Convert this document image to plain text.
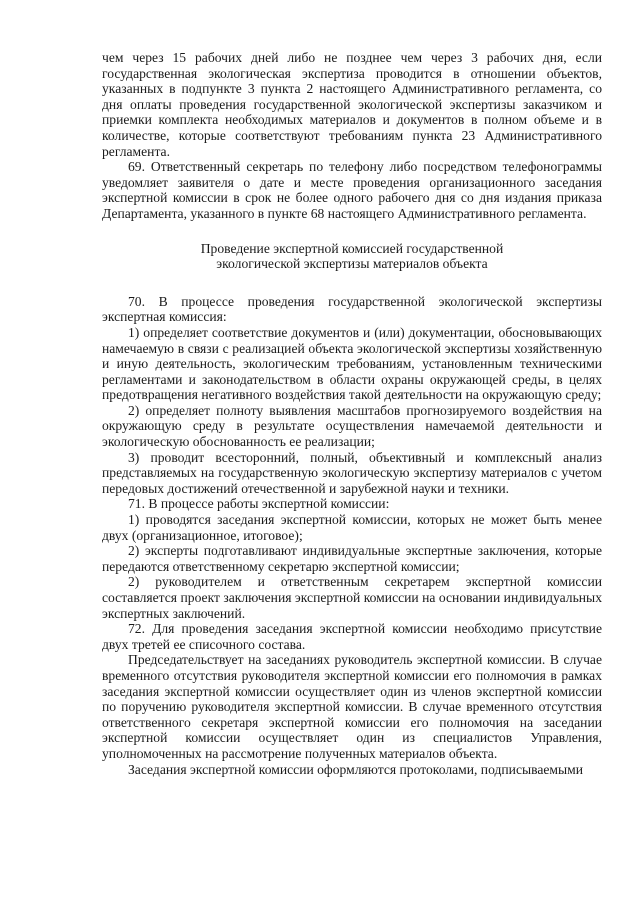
чем через 15 рабочих дней либо не позднее чем через 3 рабочих дня, если государственная экологическая экспертиза проводится в отношении объектов, указанных в подпункте 3 пункта 2 настоящего Административного регламента, со дня оплаты проведения государственной экологической экспертизы заказчиком и приемки комплекта необходимых материалов и документов в полном объеме и в количестве, которые соответствуют требованиям пункта 23 Административного регламента.

69. Ответственный секретарь по телефону либо посредством телефонограммы уведомляет заявителя о дате и месте проведения организационного заседания экспертной комиссии в срок не более одного рабочего дня со дня издания приказа Департамента, указанного в пункте 68 настоящего Административного регламента.

Проведение экспертной комиссией государственной

экологической экспертизы материалов объекта

70. В процессе проведения государственной экологической экспертизы экспертная комиссия:

1) определяет соответствие документов и (или) документации, обосновывающих намечаемую в связи с реализацией объекта экологической экспертизы хозяйственную и иную деятельность, экологическим требованиям, установленным техническими регламентами и законодательством в области охраны окружающей среды, в целях предотвращения негативного воздействия такой деятельности на окружающую среду;

2) определяет полноту выявления масштабов прогнозируемого воздействия на окружающую среду в результате осуществления намечаемой деятельности и экологическую обоснованность ее реализации;

3) проводит всесторонний, полный, объективный и комплексный анализ представляемых на государственную экологическую экспертизу материалов с учетом передовых достижений отечественной и зарубежной науки и техники.

71. В процессе работы экспертной комиссии:

1) проводятся заседания экспертной комиссии, которых не может быть менее двух (организационное, итоговое);

2) эксперты подготавливают индивидуальные экспертные заключения, которые передаются ответственному секретарю экспертной комиссии;

2) руководителем и ответственным секретарем экспертной комиссии составляется проект заключения экспертной комиссии на основании индивидуальных экспертных заключений.

72. Для проведения заседания экспертной комиссии необходимо присутствие двух третей ее списочного состава.

Председательствует на заседаниях руководитель экспертной комиссии. В случае временного отсутствия руководителя экспертной комиссии его полномочия в рамках заседания экспертной комиссии осуществляет один из членов экспертной комиссии по поручению руководителя экспертной комиссии. В случае временного отсутствия ответственного секретаря экспертной комиссии его полномочия на заседании экспертной комиссии осуществляет один из специалистов Управления, уполномоченных на рассмотрение полученных материалов объекта.

Заседания экспертной комиссии оформляются протоколами, подписываемыми
